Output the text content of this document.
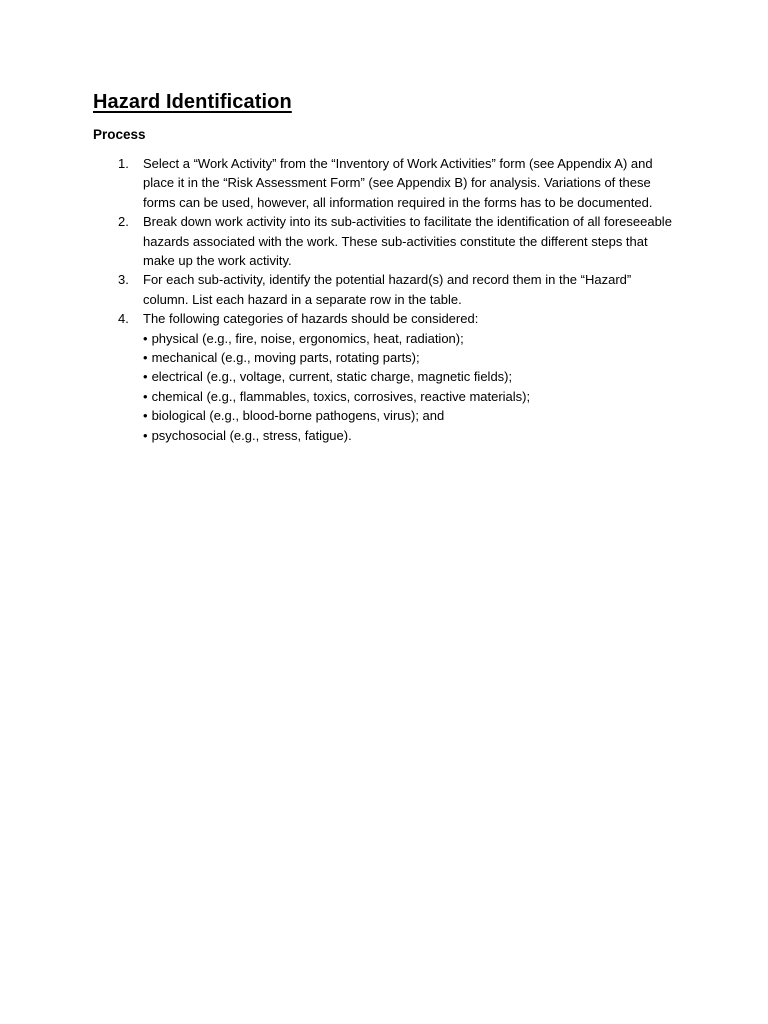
Hazard Identification
Process
1. Select a “Work Activity” from the “Inventory of Work Activities” form (see Appendix A) and place it in the “Risk Assessment Form” (see Appendix B) for analysis. Variations of these forms can be used, however, all information required in the forms has to be documented.
2. Break down work activity into its sub-activities to facilitate the identification of all foreseeable hazards associated with the work. These sub-activities constitute the different steps that make up the work activity.
3. For each sub-activity, identify the potential hazard(s) and record them in the “Hazard” column. List each hazard in a separate row in the table.
4. The following categories of hazards should be considered:
• physical (e.g., fire, noise, ergonomics, heat, radiation);
• mechanical (e.g., moving parts, rotating parts);
• electrical (e.g., voltage, current, static charge, magnetic fields);
• chemical (e.g., flammables, toxics, corrosives, reactive materials);
• biological (e.g., blood-borne pathogens, virus); and
• psychosocial (e.g., stress, fatigue).
